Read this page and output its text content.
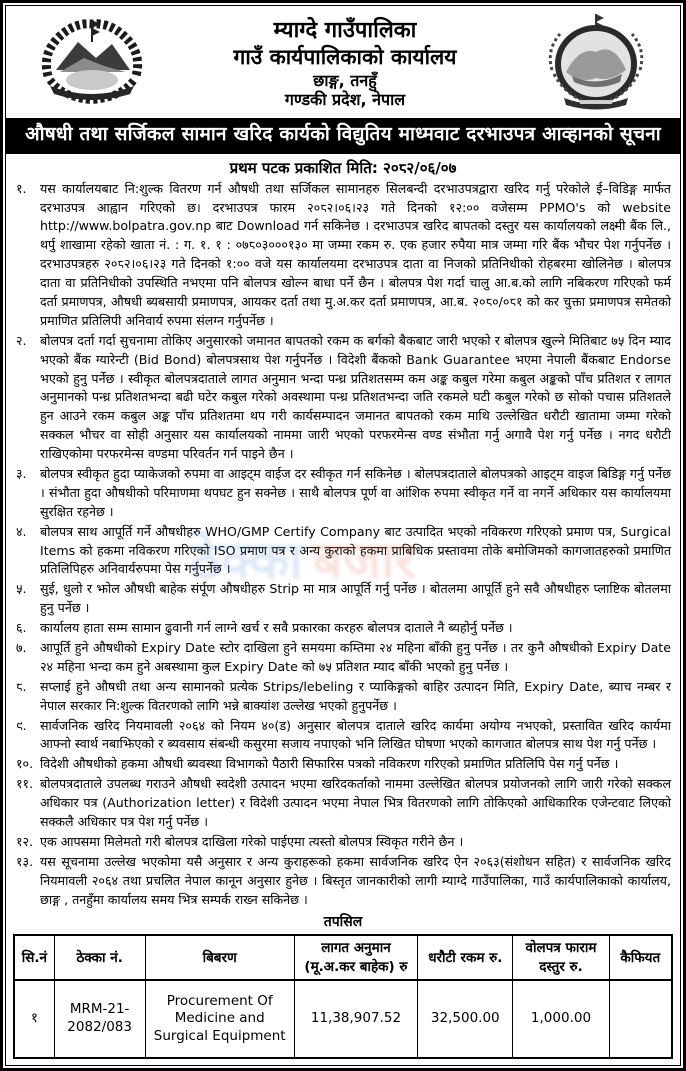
म्याग्दे गाउँपालिका
गाउँ कार्यपालिकाको कार्यालय
छाङ्ग, तनहुँ
गण्डकी प्रदेश, नेपाल
औषधी तथा सर्जिकल सामान खरिद कार्यको विद्युतिय माध्मवाट दरभाउपत्र आव्हानको सूचना
प्रथम पटक प्रकाशित मिति: २०८२/०६/०७
ठेक्का बजार
१.	यस कार्यालयबाट नि:शुल्क वितरण गर्न औषधी तथा सर्जिकल सामानहरु सिलबन्दी दरभाउपत्रद्वारा खरिद गर्नु परेकोले ई–विडिङ्ग मार्फत दरभाउपत्र आह्वान गरिएको छ। दरभाउपत्र फारम २०८२।०६।२३ गते दिनको १२:०० वजेसम्म PPMO's को website http://www.bolpatra.gov.np बाट Download गर्न सकिनेछ । दरभाउपत्र खरिद बापतको दस्तुर यस कार्यालयको लक्ष्मी बैंक लि., थर्पु शाखामा रहेको खाता नं. : ग. १. १ : ०७८०३०००१३० मा जम्मा रकम रु. एक हजार रुपैया मात्र जम्मा गरि बैंक भौचर पेश गर्नुपर्नेछ । दरभाउपत्रहरु २०८२।०६।२३ गते दिनको १:०० वजे यस कार्यालयमा दरभाउपत्र दाता वा निजको प्रतिनिधीको रोहबरमा खोलिनेछ । बोलपत्र दाता वा प्रतिनिधीको उपस्थिति नभएमा पनि बोलपत्र खोल्न बाधा पर्ने छैन । बोलपत्र पेश गर्दा चालु आ.ब.को लागि नबिकरण गरिएको फर्म दर्ता प्रमाणपत्र, औषधी ब्यबसायी प्रमाणपत्र, आयकर दर्ता तथा मु.अ.कर दर्ता प्रमाणपत्र, आ.ब. २०८०/०८१ को कर चुक्ता प्रमाणपत्र समेतको प्रमाणित प्रतिलिपी अनिवार्य रुपमा संलग्न गर्नुपर्नेछ ।
२.	बोलपत्र दर्ता गर्दा सुचनामा तोकिए अनुसारको जमानत बापतको रकम क बर्गको बैकबाट जारी भएको र बोलपत्र खुल्ने मितिबाट ७५ दिन म्याद भएको बैंक ग्यारेन्टी (Bid Bond) बोलपत्रसाथ पेश गर्नुपर्नेछ । विदेशी बैंकको Bank Guarantee भएमा नेपाली बैंकबाट Endorse भएको हुनु पर्नेछ । स्वीकृत बोलपत्रदाताले लागत अनुमान भन्दा पन्ध्र प्रतिशतसम्म कम अङ्क कबुल गरेमा कबुल अङ्कको पाँच प्रतिशत र लागत अनुमानको पन्ध्र प्रतिशतभन्दा बढी घटेर कबुल गरेको अवस्थामा पन्ध्र प्रतिशतभन्दा जति रकमले घटी कबुल गरेको छ सोको पचास प्रतिशतले हुन आउने रकम कबुल अङ्क पाँच प्रतिशतमा थप गरी कार्यसम्पादन जमानत बापतको रकम माथि उल्लेखित धरौटी खातामा जम्मा गरेको सक्कल भौचर वा सोही अनुसार यस कार्यालयको नाममा जारी भएको परफरमेन्स वण्ड संभौता गर्नु अगावै पेश गर्नु पर्नेछ । नगद धरौटी राखिएकोमा परफरमेन्स वण्डमा परिवर्तन गर्न पाइने छैन ।
३.	बोलपत्र स्वीकृत हुदा प्याकेजको रुपमा वा आइट्म वाईज दर स्वीकृत गर्न सकिनेछ । बोलपत्रदाताले बोलपत्रको आइट्म वाइज बिडिङ्ग गर्नु पर्नेछ । संभौता हुदा औषधीको परिमाणमा थपघट हुन सक्नेछ । साथै बोलपत्र पूर्ण वा आंशिक रुपमा स्वीकृत गर्ने वा नगर्ने अधिकार यस कार्यालयमा सुरक्षित रहनेछ ।
४.	बोलपत्र साथ आपूर्ति गर्ने औषधीहरु WHO/GMP Certify Company बाट उत्पादित भएको नविकरण गरिएको प्रमाण पत्र, Surgical Items को हकमा नविकरण गरिएको ISO प्रमाण पत्र र अन्य कुराको हकमा प्राबिधिक प्रस्तावमा तोके बमोजिमको कागजातहरुको प्रमाणित प्रतिलिपिहरु अनिवार्यरुपमा पेस गर्नुपर्नेछ ।
५.	सुई, धुलो र झोल औषधी बाहेक संर्पूण औषधीहरु Strip मा मात्र आपूर्ति गर्नु पर्नेछ । बोतलमा आपूर्ति हुने सवै औषधीहरु प्लाष्टिक बोतलमा हुनु पर्नेछ ।
६.	कार्यालय हाता सम्म सामान ढुवानी गर्न लाग्ने खर्च र सवै प्रकारका करहरु बोलपत्र दाताले नै ब्यहोर्नु पर्नेछ ।
७.	आपूर्ति हुने औषधीको Expiry Date स्टोर दाखिला हुने समयमा कम्तिमा २४ महिना बाँकी हुनु पर्नेछ । तर कुनै औषधीको Expiry Date २४ महिना भन्दा कम हुने अबस्थामा कुल Expiry Date को ७५ प्रतिशत म्याद बाँकी भएको हुनु पर्नेछ ।
८.	सप्लाई हुने औषधी तथा अन्य सामानको प्रत्येक Strips/lebeling र प्याकिङ्गको बाहिर उत्पादन मिति, Expiry Date, ब्याच नम्बर र नेपाल सरकार नि:शुल्क वितरणको लागि भन्ने बाक्यांश उल्लेख भएको हुनुपर्नेछ ।
९.	सार्वजनिक खरिद नियमावली २०६४ को नियम ४०(ड) अनुसार बोलपत्र दाताले खरिद कार्यमा अयोग्य नभएको, प्रस्तावित खरिद कार्यमा आफ्नो स्वार्थ नबाझिएको र ब्यवसाय संबन्धी कसुरमा सजाय नपाएको भनि लिखित घोषणा भएको कागजात बोलपत्र साथ पेश गर्नु पर्नेछ ।
१०. विदेशी औषधीको हकमा औषधी ब्यवस्था विभागको पैठारी सिफारिस पत्रको नविकरण गरिएको प्रमाणित प्रतिलिपि पेस गर्नु पर्नेछ ।
११. बोलपत्रदाताले उपलब्ध गराउने औषधी स्वदेशी उत्पादन भएमा खरिदकर्ताको नाममा उल्लेखित बोलपत्र प्रयोजनको लागि जारी गरेको सक्कल अधिकार पत्र (Authorization letter) र विदेशी उत्पादन भएमा नेपाल भित्र वितरणको लागि तोकिएको आधिकारिक एजेन्टवाट लिएको सक्कलै अधिकार पत्र पेश गर्नु पर्नेछ ।
१२. एक आपसमा मिलेमतो गरी बोलपत्र दाखिला गरेको पाईएमा त्यस्तो बोलपत्र स्विकृत गरीने छैन ।
१३. यस सूचनामा उल्लेख भएकोमा यसै अनुसार र अन्य कुराहरूको हकमा सार्वजनिक खरिद ऐन २०६३(संशोधन सहित) र सार्वजनिक खरिद नियमावली २०६४ तथा प्रचलित नेपाल कानून अनुसार हुनेछ । बिस्तृत जानकारीको लागी म्याग्दे गाउँपालिका, गाउँ कार्यपालिकाको कार्यालय, छाङ्ग , तनहुँमा कार्यालय समय भित्र सम्पर्क राख्न सकिनेछ ।
तपसिल
सि.नं	ठेक्का नं.	बिबरण	लागत अनुमान (मू.अ.कर बाहेक) रु	धरौटी रकम रु.	वोलपत्र फाराम दस्तुर रु.	कैफियत
१	MRM-21-2082/083	Procurement Of Medicine and Surgical Equipment	11,38,907.52	32,500.00	1,000.00	
